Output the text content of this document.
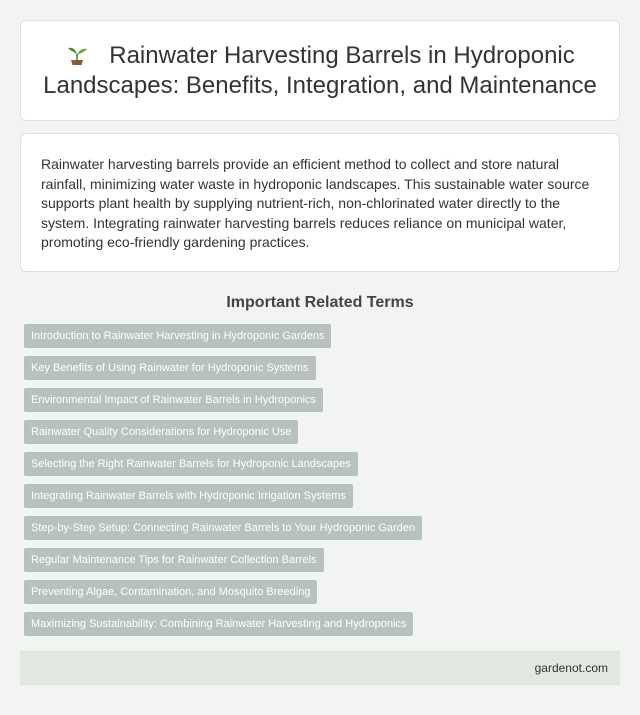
Rainwater Harvesting Barrels in Hydroponic Landscapes: Benefits, Integration, and Maintenance

Rainwater harvesting barrels provide an efficient method to collect and store natural rainfall, minimizing water waste in hydroponic landscapes. This sustainable water source supports plant health by supplying nutrient-rich, non-chlorinated water directly to the system. Integrating rainwater harvesting barrels reduces reliance on municipal water, promoting eco-friendly gardening practices.

Important Related Terms
Introduction to Rainwater Harvesting in Hydroponic Gardens
Key Benefits of Using Rainwater for Hydroponic Systems
Environmental Impact of Rainwater Barrels in Hydroponics
Rainwater Quality Considerations for Hydroponic Use
Selecting the Right Rainwater Barrels for Hydroponic Landscapes
Integrating Rainwater Barrels with Hydroponic Irrigation Systems
Step-by-Step Setup: Connecting Rainwater Barrels to Your Hydroponic Garden
Regular Maintenance Tips for Rainwater Collection Barrels
Preventing Algae, Contamination, and Mosquito Breeding
Maximizing Sustainability: Combining Rainwater Harvesting and Hydroponics
gardenot.com
